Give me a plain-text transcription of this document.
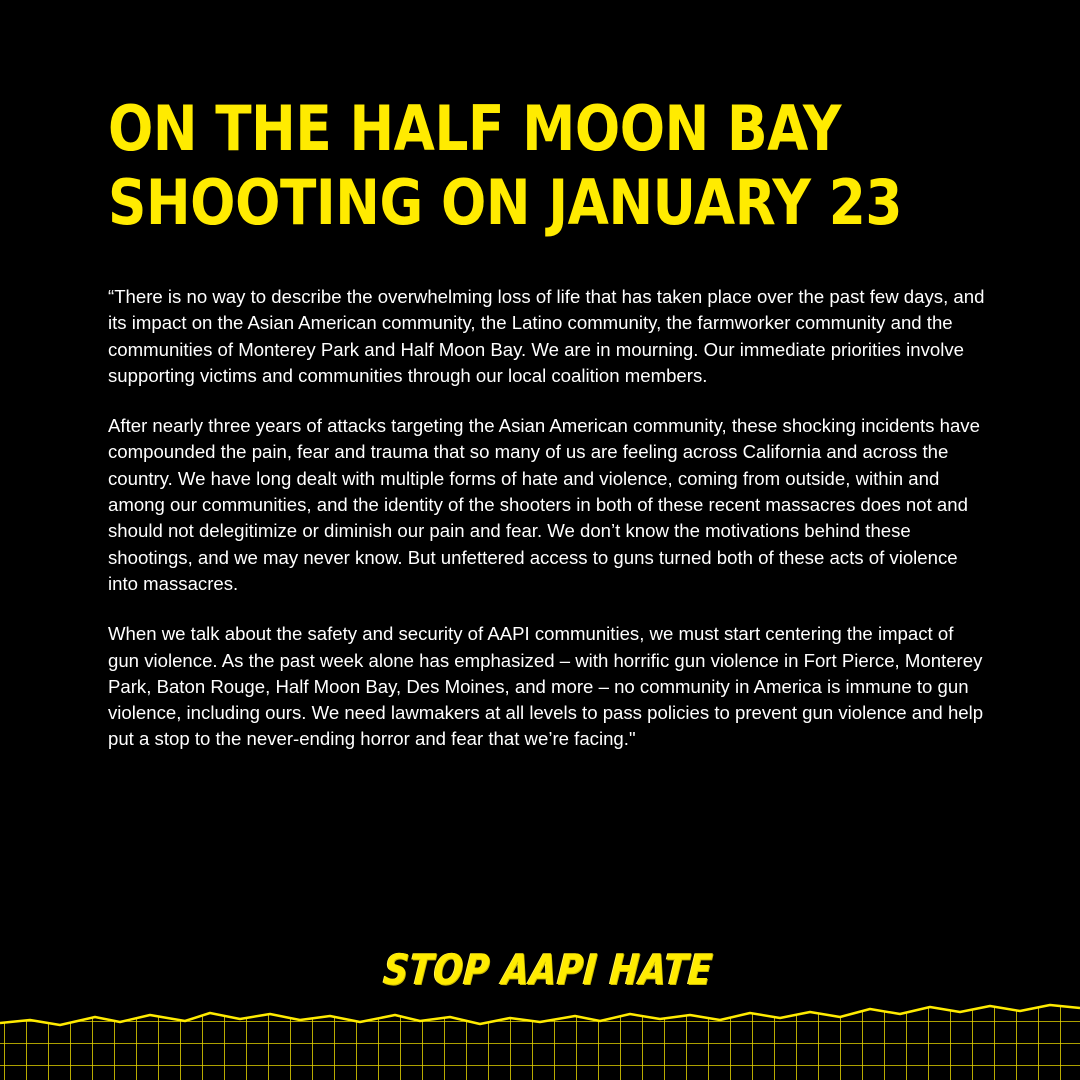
ON THE HALF MOON BAY
SHOOTING ON JANUARY 23

“There is no way to describe the overwhelming loss of life that has taken place over the past few days, and its impact on the Asian American community, the Latino community, the farmworker community and the communities of Monterey Park and Half Moon Bay. We are in mourning. Our immediate priorities involve supporting victims and communities through our local coalition members.

After nearly three years of attacks targeting the Asian American community, these shocking incidents have compounded the pain, fear and trauma that so many of us are feeling across California and across the country. We have long dealt with multiple forms of hate and violence, coming from outside, within and among our communities, and the identity of the shooters in both of these recent massacres does not and should not delegitimize or diminish our pain and fear. We don’t know the motivations behind these shootings, and we may never know. But unfettered access to guns turned both of these acts of violence into massacres.

When we talk about the safety and security of AAPI communities, we must start centering the impact of gun violence. As the past week alone has emphasized – with horrific gun violence in Fort Pierce, Monterey Park, Baton Rouge, Half Moon Bay, Des Moines, and more – no community in America is immune to gun violence, including ours. We need lawmakers at all levels to pass policies to prevent gun violence and help put a stop to the never-ending horror and fear that we’re facing."

STOP AAPI HATE
